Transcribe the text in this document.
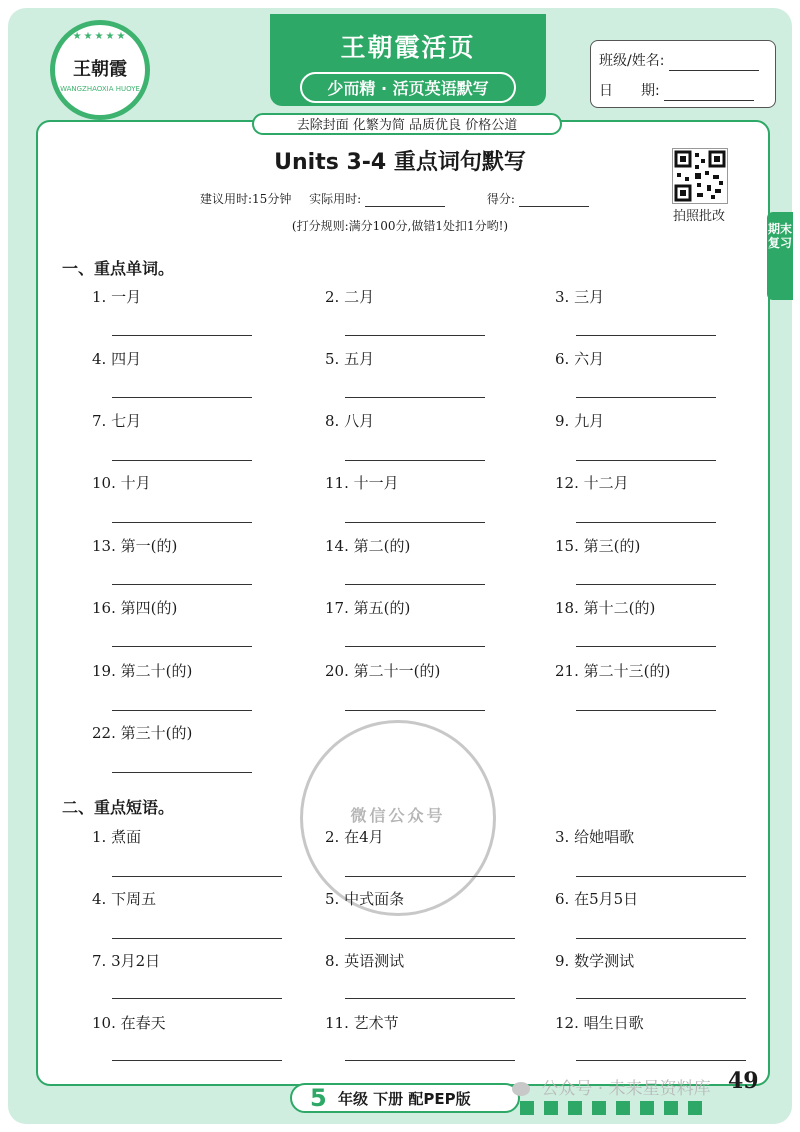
★★★★★
王朝霞
WANGZHAOXIA HUOYE
王朝霞活页
少而精 · 活页英语默写
班级/姓名:
日　　期:
去除封面 化繁为简 品质优良 价格公道
Units 3-4 重点词句默写
建议用时:15分钟 实际用时:	得分:
(打分规则:满分100分,做错1处扣1分哟!)
拍照批改
期末复习
一、重点单词。
1. 一月	2. 二月	3. 三月
4. 四月	5. 五月	6. 六月
7. 七月	8. 八月	9. 九月
10. 十月	11. 十一月	12. 十二月
13. 第一(的)	14. 第二(的)	15. 第三(的)
16. 第四(的)	17. 第五(的)	18. 第十二(的)
19. 第二十(的)	20. 第二十一(的)	21. 第二十三(的)
22. 第三十(的)
微信公众号
二、重点短语。
1. 煮面	2. 在4月	3. 给她唱歌
4. 下周五	5. 中式面条	6. 在5月5日
7. 3月2日	8. 英语测试	9. 数学测试
10. 在春天	11. 艺术节	12. 唱生日歌
5 年级 下册 配PEP版	公众号 · 未来星资料库 49
